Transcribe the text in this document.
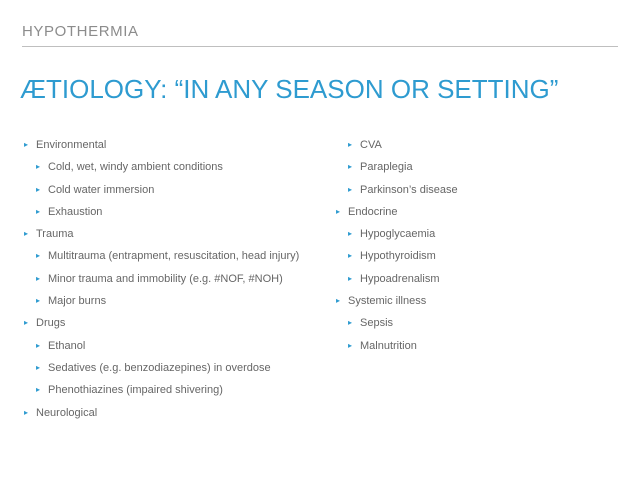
HYPOTHERMIA
ÆTIOLOGY: “IN ANY SEASON OR SETTING”
▸ Environmental
▸ Cold, wet, windy ambient conditions
▸ Cold water immersion
▸ Exhaustion
▸ Trauma
▸ Multitrauma (entrapment, resuscitation, head injury)
▸ Minor trauma and immobility (e.g. #NOF, #NOH)
▸ Major burns
▸ Drugs
▸ Ethanol
▸ Sedatives (e.g. benzodiazepines) in overdose
▸ Phenothiazines (impaired shivering)
▸ Neurological
▸ CVA
▸ Paraplegia
▸ Parkinson’s disease
▸ Endocrine
▸ Hypoglycaemia
▸ Hypothyroidism
▸ Hypoadrenalism
▸ Systemic illness
▸ Sepsis
▸ Malnutrition
